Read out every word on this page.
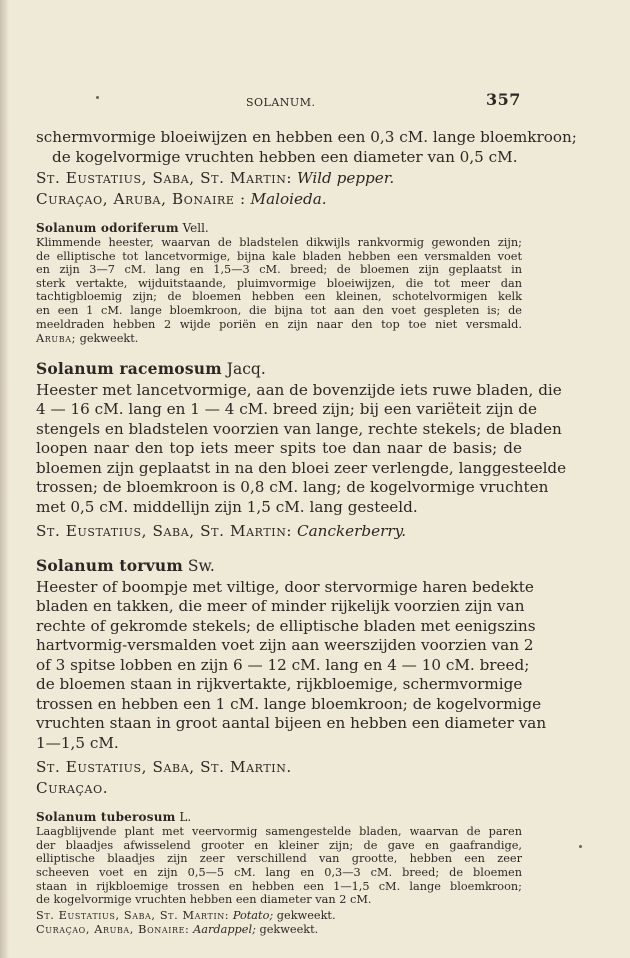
SOLANUM.	357
schermvormige bloeiwijzen en hebben een 0,3 cM. lange bloemkroon;
de kogelvormige vruchten hebben een diameter van 0,5 cM.
St. Eustatius, Saba, St. Martin: Wild pepper.
Curaçao, Aruba, Bonaire : Maloieda.
Solanum odoriferum Vell.
Klimmende heester, waarvan de bladstelen dikwijls rankvormig gewonden zijn;
de elliptische tot lancetvormige, bijna kale bladen hebben een versmalden voet
en zijn 3—7 cM. lang en 1,5—3 cM. breed; de bloemen zijn geplaatst in
sterk vertakte, wijduitstaande, pluimvormige bloeiwijzen, die tot meer dan
tachtigbloemig zijn; de bloemen hebben een kleinen, schotelvormigen kelk
en een 1 cM. lange bloemkroon, die bijna tot aan den voet gespleten is; de
meeldraden hebben 2 wijde poriën en zijn naar den top toe niet versmald.
Aruba; gekweekt.
Solanum racemosum Jacq.
Heester met lancetvormige, aan de bovenzijde iets ruwe bladen, die
4 — 16 cM. lang en 1 — 4 cM. breed zijn; bij een variëteit zijn de
stengels en bladstelen voorzien van lange, rechte stekels; de bladen
loopen naar den top iets meer spits toe dan naar de basis; de
bloemen zijn geplaatst in na den bloei zeer verlengde, langgesteelde
trossen; de bloemkroon is 0,8 cM. lang; de kogelvormige vruchten
met 0,5 cM. middellijn zijn 1,5 cM. lang gesteeld.
St. Eustatius, Saba, St. Martin: Canckerberry.
Solanum torvum Sw.
Heester of boompje met viltige, door stervormige haren bedekte
bladen en takken, die meer of minder rijkelijk voorzien zijn van
rechte of gekromde stekels; de elliptische bladen met eenigszins
hartvormig-versmalden voet zijn aan weerszijden voorzien van 2
of 3 spitse lobben en zijn 6 — 12 cM. lang en 4 — 10 cM. breed;
de bloemen staan in rijkvertakte, rijkbloemige, schermvormige
trossen en hebben een 1 cM. lange bloemkroon; de kogelvormige
vruchten staan in groot aantal bijeen en hebben een diameter van
1—1,5 cM.
St. Eustatius, Saba, St. Martin.
Curaçao.
Solanum tuberosum L.
Laagblijvende plant met veervormig samengestelde bladen, waarvan de paren
der blaadjes afwisselend grooter en kleiner zijn; de gave en gaafrandige,
elliptische blaadjes zijn zeer verschillend van grootte, hebben een zeer
scheeven voet en zijn 0,5—5 cM. lang en 0,3—3 cM. breed; de bloemen
staan in rijkbloemige trossen en hebben een 1—1,5 cM. lange bloemkroon;
de kogelvormige vruchten hebben een diameter van 2 cM.
St. Eustatius, Saba, St. Martin: Potato; gekweekt.
Curaçao, Aruba, Bonaire: Aardappel; gekweekt.
